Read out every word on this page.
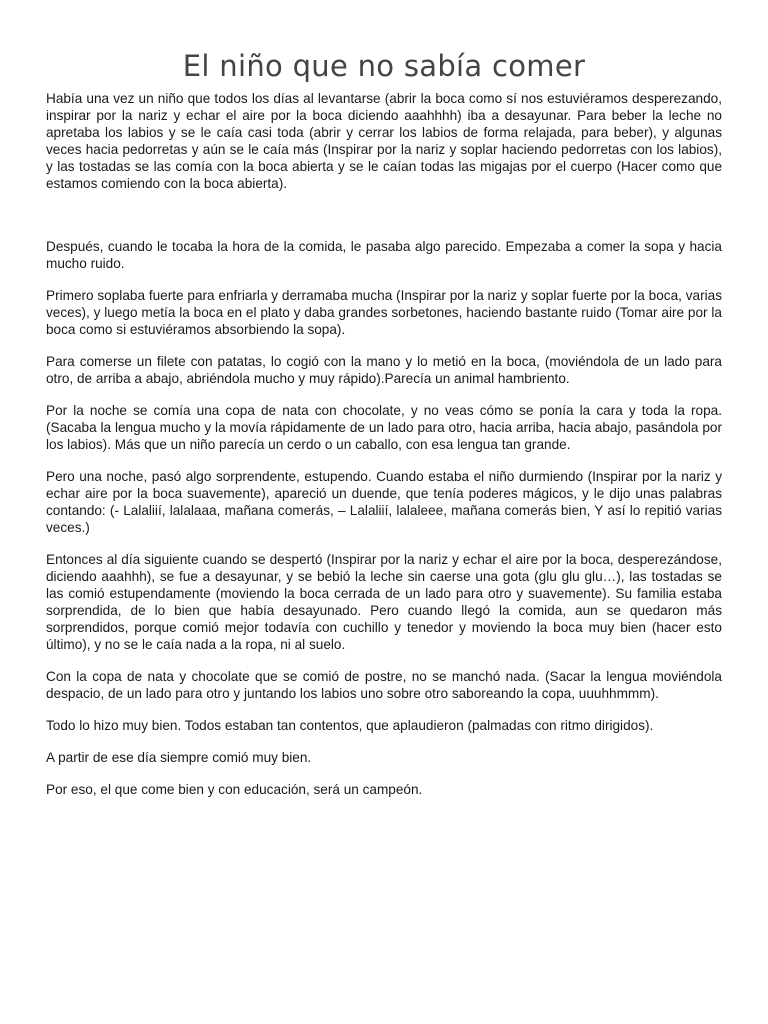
El niño que no sabía comer

Había una vez un niño que todos los días al levantarse (abrir la boca como sí nos estuviéramos desperezando, inspirar por la nariz y echar el aire por la boca diciendo aaahhhh) iba a desayunar. Para beber la leche no apretaba los labios y se le caía casi toda (abrir y cerrar los labios de forma relajada, para beber), y algunas veces hacia pedorretas y aún se le caía más (Inspirar por la nariz y soplar haciendo pedorretas con los labios), y las tostadas se las comía con la boca abierta y se le caían todas las migajas por el cuerpo (Hacer como que estamos comiendo con la boca abierta).

Después, cuando le tocaba la hora de la comida, le pasaba algo parecido. Empezaba a comer la sopa y hacia mucho ruido.

Primero soplaba fuerte para enfriarla y derramaba mucha (Inspirar por la nariz y soplar fuerte por la boca, varias veces), y luego metía la boca en el plato y daba grandes sorbetones, haciendo bastante ruido (Tomar aire por la boca como si estuviéramos absorbiendo la sopa).

Para comerse un filete con patatas, lo cogió con la mano y lo metió en la boca, (moviéndola de un lado para otro, de arriba a abajo, abriéndola mucho y muy rápido).Parecía un animal hambriento.

Por la noche se comía una copa de nata con chocolate, y no veas cómo se ponía la cara y toda la ropa. (Sacaba la lengua mucho y la movía rápidamente de un lado para otro, hacia arriba, hacia abajo, pasándola por los labios). Más que un niño parecía un cerdo o un caballo, con esa lengua tan grande.

Pero una noche, pasó algo sorprendente, estupendo. Cuando estaba el niño durmiendo (Inspirar por la nariz y echar aire por la boca suavemente), apareció un duende, que tenía poderes mágicos, y le dijo unas palabras contando: (- Lalaliií, lalalaaa, mañana comerás, – Lalaliií, lalaleee, mañana comerás bien, Y así lo repitió varias veces.)

Entonces al día siguiente cuando se despertó (Inspirar por la nariz y echar el aire por la boca, desperezándose, diciendo aaahhh), se fue a desayunar, y se bebió la leche sin caerse una gota (glu glu glu…), las tostadas se las comió estupendamente (moviendo la boca cerrada de un lado para otro y suavemente). Su familia estaba sorprendida, de lo bien que había desayunado. Pero cuando llegó la comida, aun se quedaron más sorprendidos, porque comió mejor todavía con cuchillo y tenedor y moviendo la boca muy bien (hacer esto último), y no se le caía nada a la ropa, ni al suelo.

Con la copa de nata y chocolate que se comió de postre, no se manchó nada. (Sacar la lengua moviéndola despacio, de un lado para otro y juntando los labios uno sobre otro saboreando la copa, uuuhhmmm).

Todo lo hizo muy bien. Todos estaban tan contentos, que aplaudieron (palmadas con ritmo dirigidos).

A partir de ese día siempre comió muy bien.

Por eso, el que come bien y con educación, será un campeón.
